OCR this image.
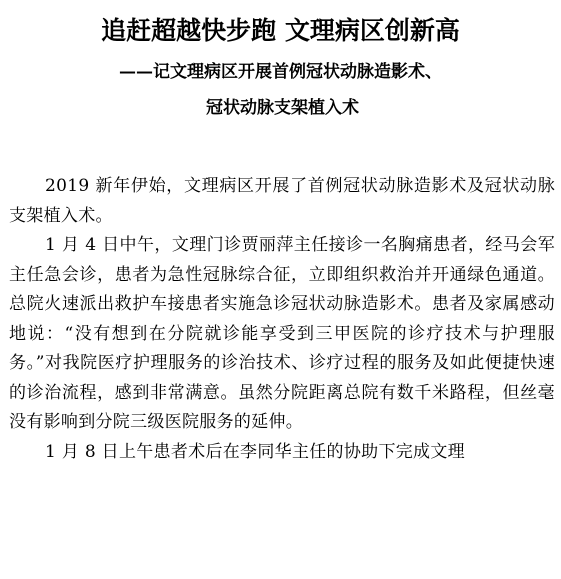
追赶超越快步跑 文理病区创新高
——记文理病区开展首例冠状动脉造影术、
冠状动脉支架植入术

2019 新年伊始，文理病区开展了首例冠状动脉造影术及冠状动脉支架植入术。

1 月 4 日中午，文理门诊贾丽萍主任接诊一名胸痛患者，经马会军主任急会诊，患者为急性冠脉综合征，立即组织救治并开通绿色通道。总院火速派出救护车接患者实施急诊冠状动脉造影术。患者及家属感动地说：“没有想到在分院就诊能享受到三甲医院的诊疗技术与护理服务。”对我院医疗护理服务的诊治技术、诊疗过程的服务及如此便捷快速的诊治流程，感到非常满意。虽然分院距离总院有数千米路程，但丝毫没有影响到分院三级医院服务的延伸。

1 月 8 日上午患者术后在李同华主任的协助下完成文理
